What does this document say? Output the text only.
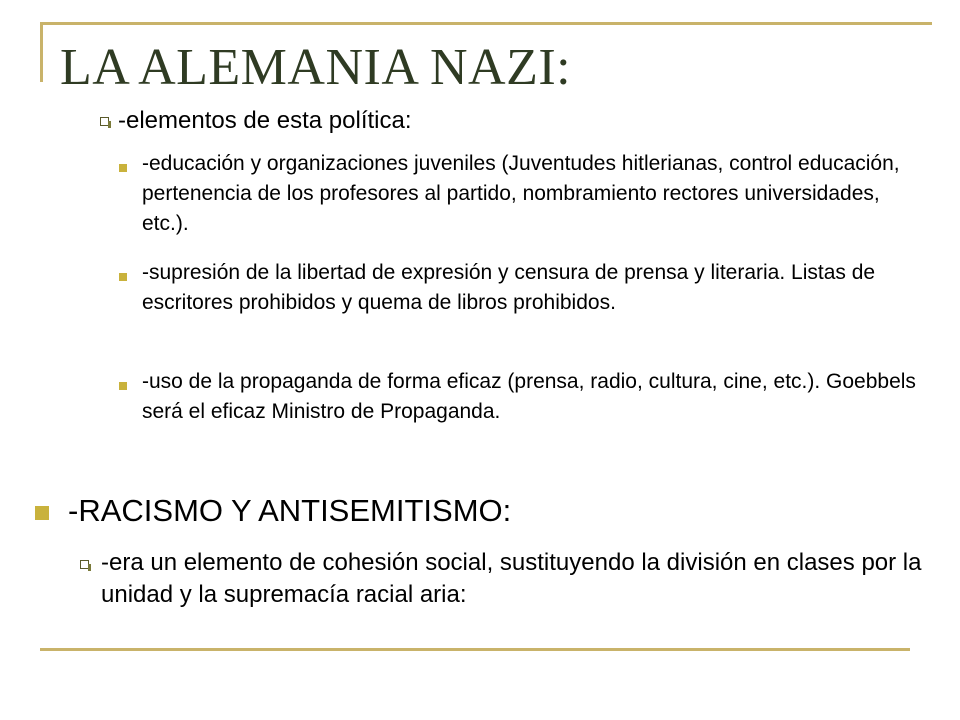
LA ALEMANIA NAZI:
-elementos de esta política:
-educación y organizaciones juveniles (Juventudes hitlerianas, control educación, pertenencia de los profesores al partido, nombramiento rectores universidades, etc.).
-supresión de la libertad de expresión y censura de prensa y literaria. Listas de escritores prohibidos y quema de libros prohibidos.
-uso de la propaganda de forma eficaz (prensa, radio, cultura, cine, etc.). Goebbels será el eficaz Ministro de Propaganda.
-RACISMO Y ANTISEMITISMO:
-era un elemento de cohesión social, sustituyendo la división en clases por la unidad y la supremacía racial aria:
